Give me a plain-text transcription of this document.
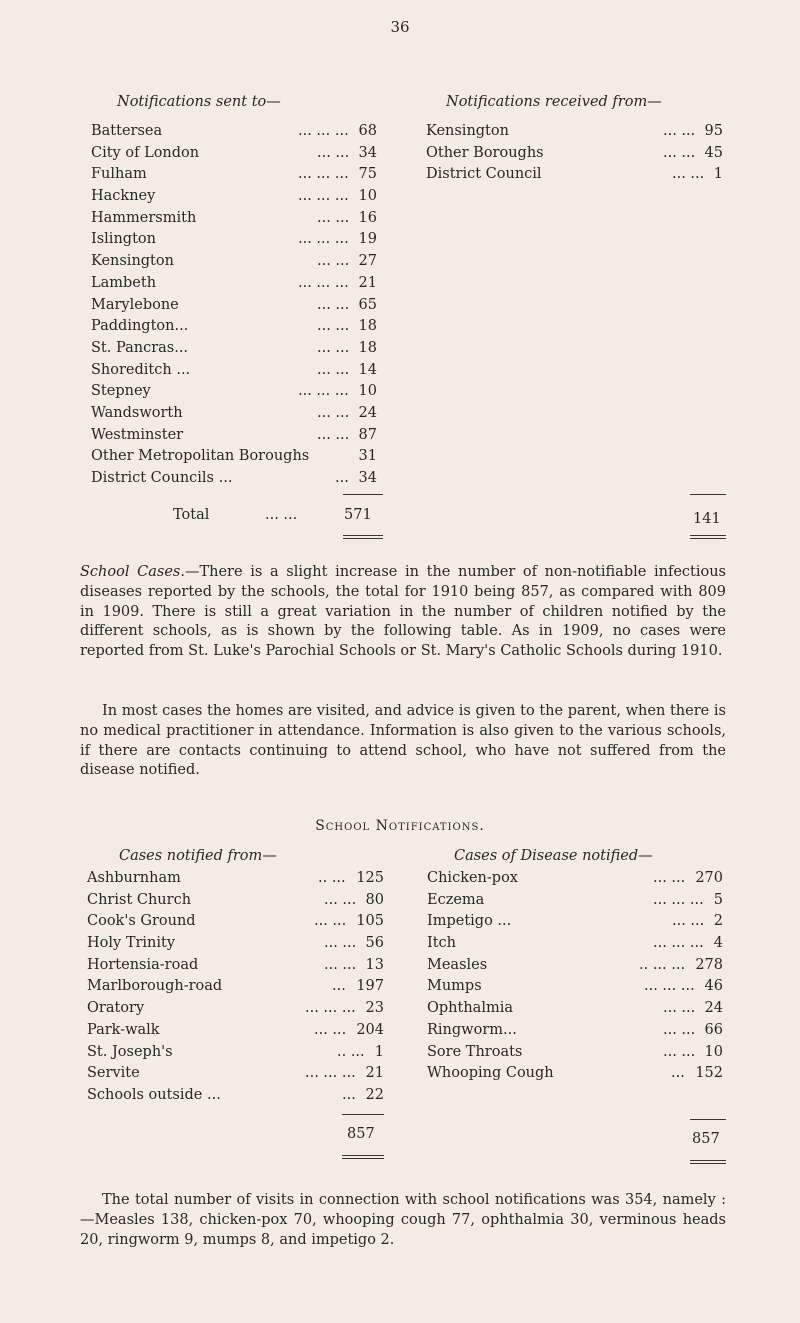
36
Notifications sent to—	Notifications received from—
Battersea	... ... ... 68
City of London	... ... 34
Fulham	... ... ... 75
Hackney	... ... ... 10
Hammersmith	... ... 16
Islington	... ... ... 19
Kensington	... ... 27
Lambeth	... ... ... 21
Marylebone	... ... 65
Paddington...	... ... 18
St. Pancras...	... ... 18
Shoreditch ...	... ... 14
Stepney	... ... ... 10
Wandsworth	... ... 24
Westminster	... ... 87
Other Metropolitan Boroughs	31
District Councils ...	... 34
Kensington	... ... 95
Other Boroughs	... ... 45
District Council	... ... 1
Total	... ...	571	141
School Cases.—There is a slight increase in the number of non-notifiable infectious diseases reported by the schools, the total for 1910 being 857, as compared with 809 in 1909. There is still a great variation in the number of children notified by the different schools, as is shown by the following table. As in 1909, no cases were reported from St. Luke's Parochial Schools or St. Mary's Catholic Schools during 1910.
In most cases the homes are visited, and advice is given to the parent, when there is no medical practitioner in attendance. Information is also given to the various schools, if there are contacts continuing to attend school, who have not suffered from the disease notified.
School Notifications.
Cases notified from—	Cases of Disease notified—
Ashburnham	.. ... 125
Christ Church	... ... 80
Cook's Ground	... ... 105
Holy Trinity	... ... 56
Hortensia-road	... ... 13
Marlborough-road	... 197
Oratory	... ... ... 23
Park-walk	... ... 204
St. Joseph's	.. ... 1
Servite	... ... ... 21
Schools outside ...	... 22
Chicken-pox	... ... 270
Eczema	... ... ... 5
Impetigo ...	... ... 2
Itch	... ... ... 4
Measles	.. ... ... 278
Mumps	... ... ... 46
Ophthalmia	... ... 24
Ringworm...	... ... 66
Sore Throats	... ... 10
Whooping Cough	... 152
857	857
The total number of visits in connection with school notifications was 354, namely :—Measles 138, chicken-pox 70, whooping cough 77, ophthalmia 30, verminous heads 20, ringworm 9, mumps 8, and impetigo 2.
